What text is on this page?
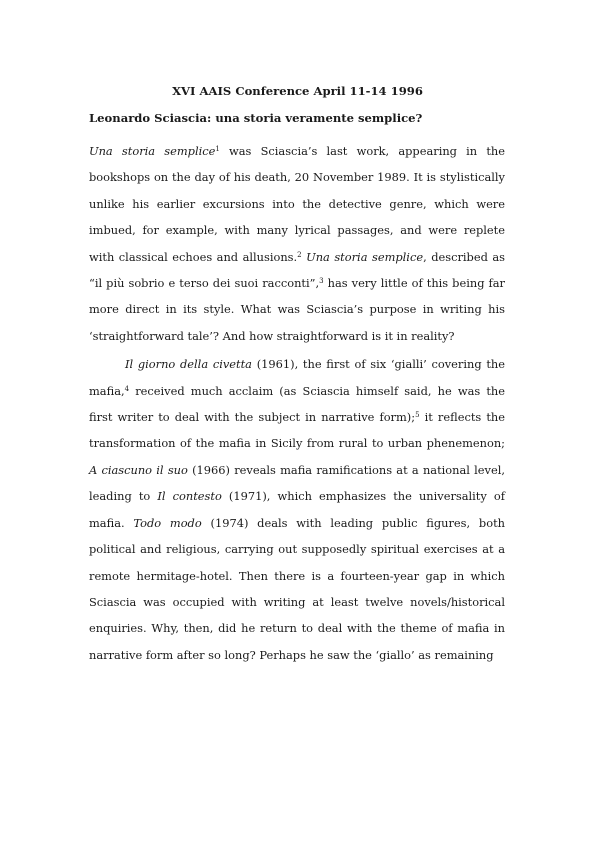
XVI AAIS Conference April 11-14 1996
Leonardo Sciascia: una storia veramente semplice?

Una storia semplice$^1$ was Sciascia’s last work, appearing in the bookshops on the day of his death, 20 November 1989. It is stylistically unlike his earlier excursions into the detective genre, which were imbued, for example, with many lyrical passages, and were replete with classical echoes and allusions.$^2$ Una storia semplice, described as “il più sobrio e terso dei suoi racconti”,$^3$ has very little of this being far more direct in its style. What was Sciascia’s purpose in writing his ‘straightforward tale’? And how straightforward is it in reality?

Il giorno della civetta (1961), the first of six ‘gialli’ covering the mafia,$^4$ received much acclaim (as Sciascia himself said, he was the first writer to deal with the subject in narrative form);$^5$ it reflects the transformation of the mafia in Sicily from rural to urban phenemenon; A ciascuno il suo (1966) reveals mafia ramifications at a national level, leading to Il contesto (1971), which emphasizes the universality of mafia. Todo modo (1974) deals with leading public figures, both political and religious, carrying out supposedly spiritual exercises at a remote hermitage-hotel. Then there is a fourteen-year gap in which Sciascia was occupied with writing at least twelve novels/historical enquiries. Why, then, did he return to deal with the theme of mafia in narrative form after so long? Perhaps he saw the ‘giallo’ as remaining
